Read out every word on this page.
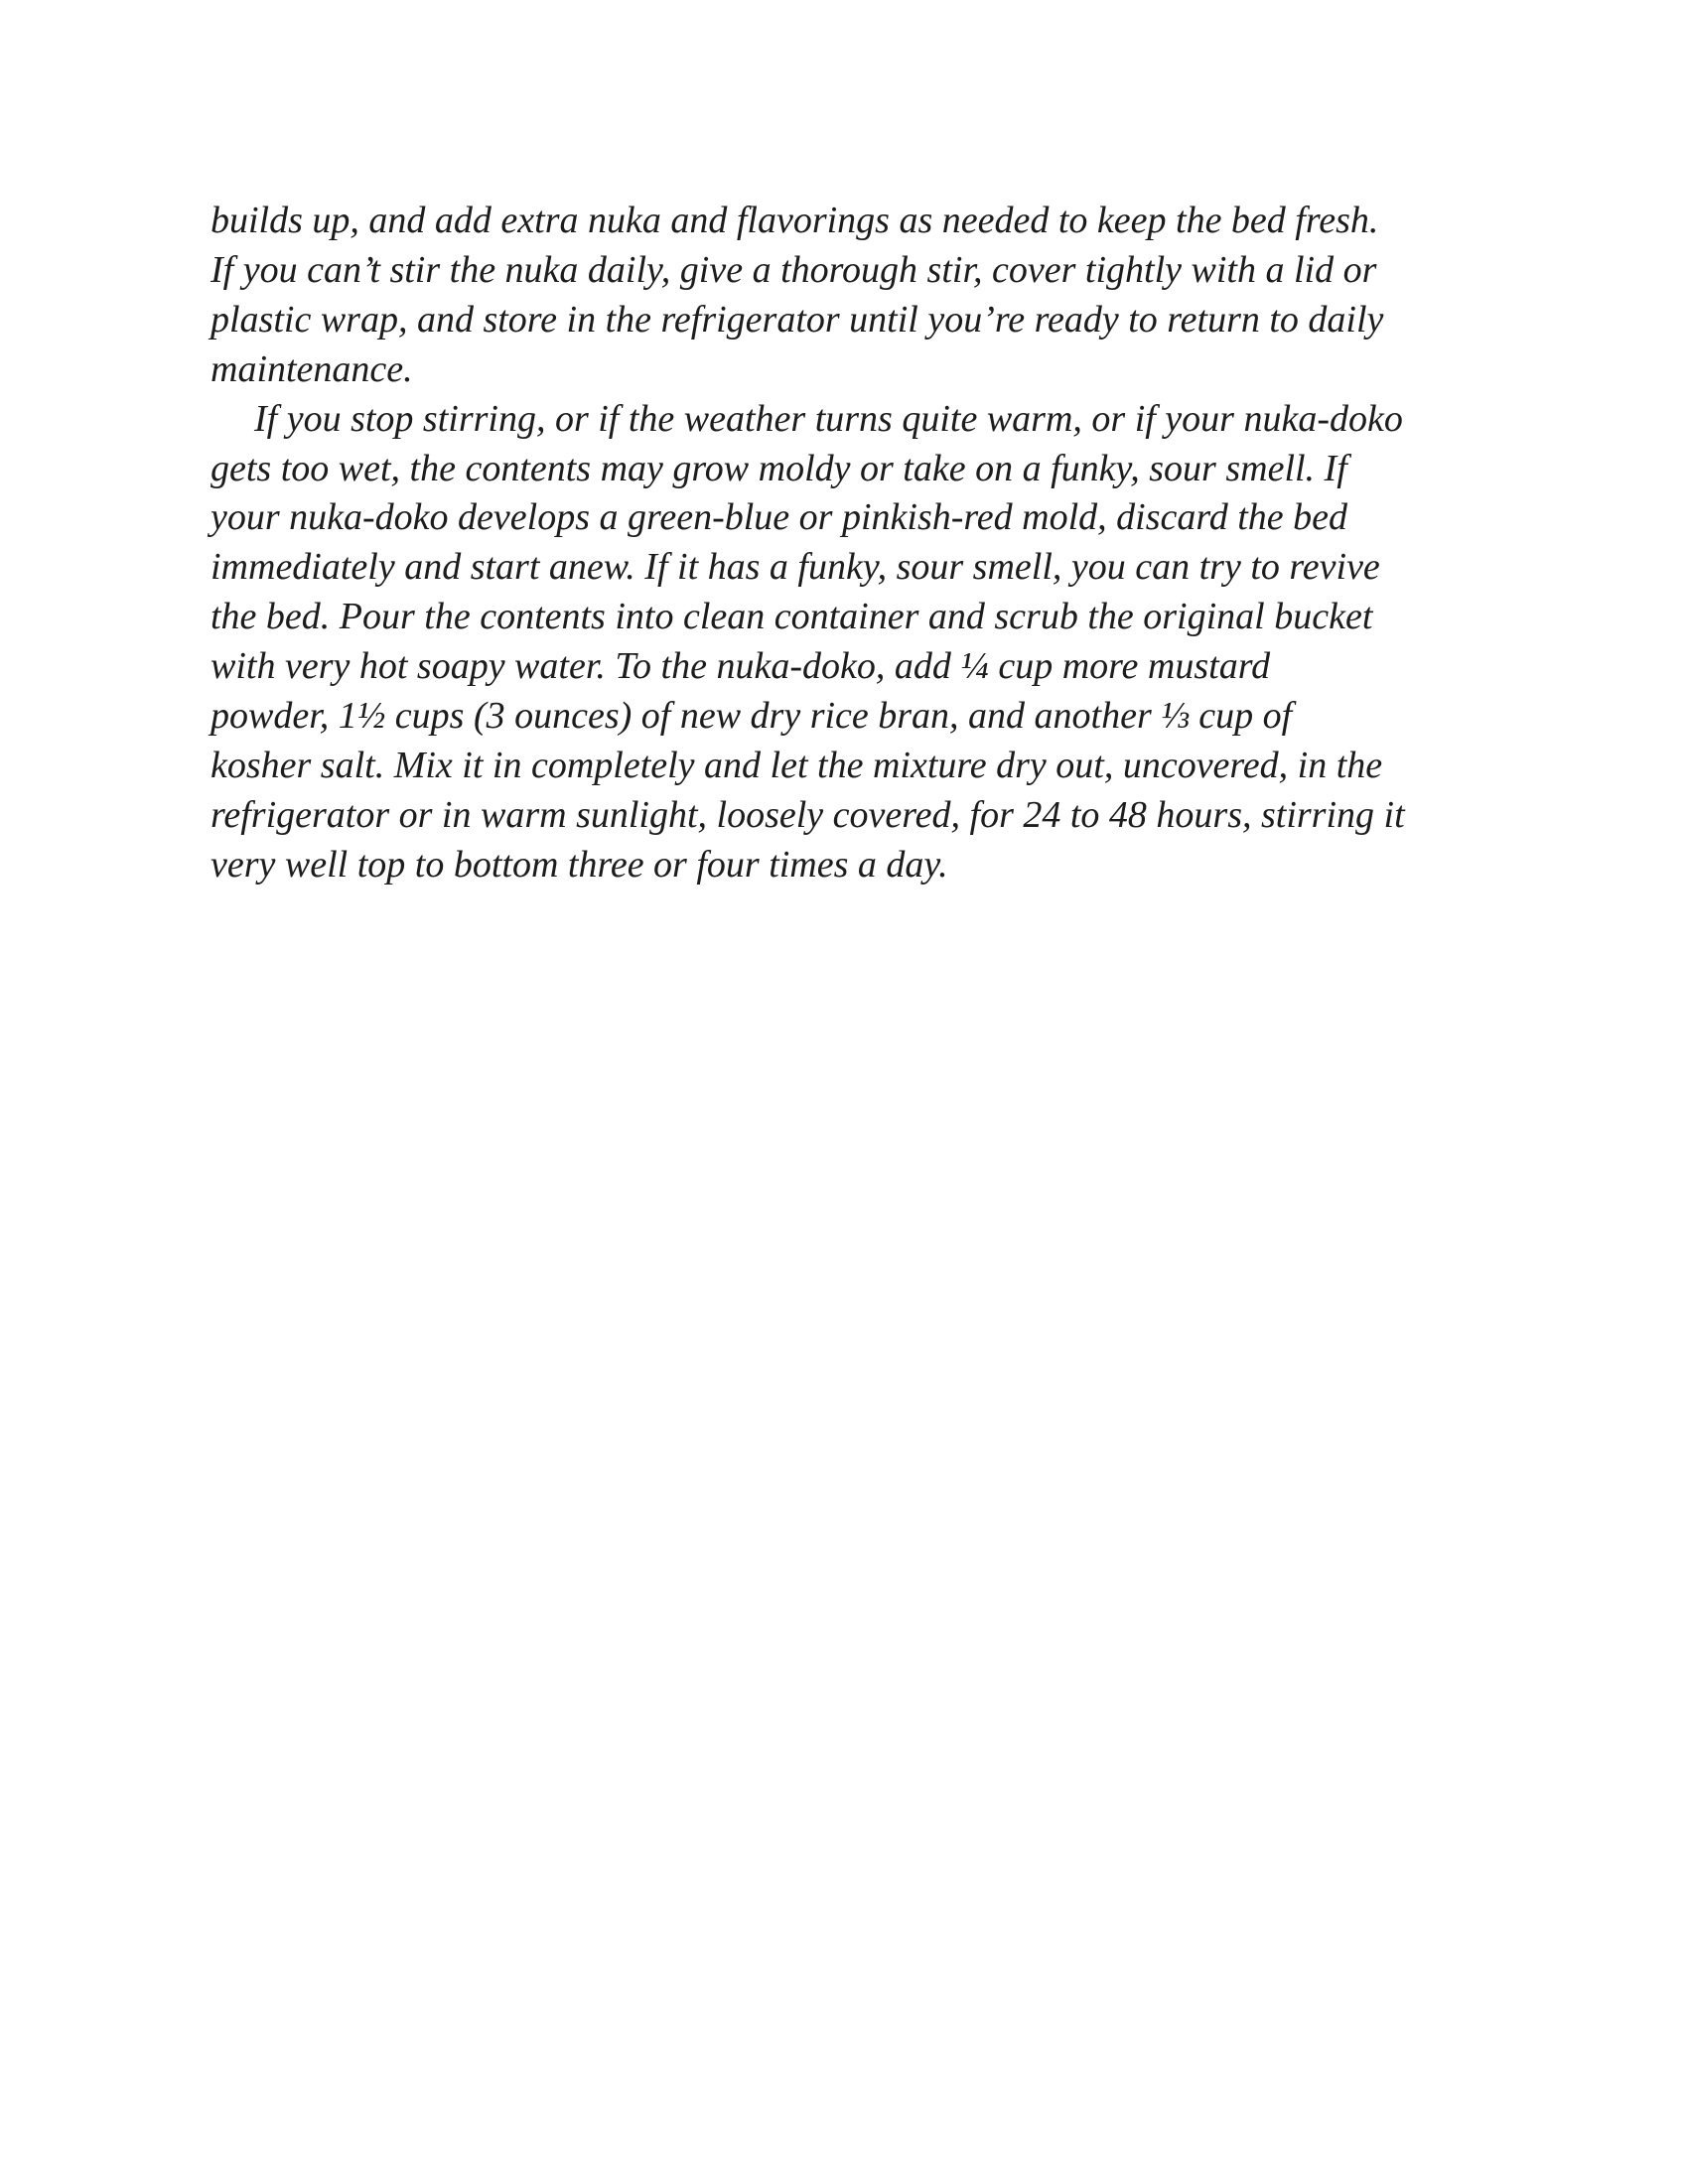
builds up, and add extra nuka and flavorings as needed to keep the bed fresh.
If you can’t stir the nuka daily, give a thorough stir, cover tightly with a lid or
plastic wrap, and store in the refrigerator until you’re ready to return to daily
maintenance.
If you stop stirring, or if the weather turns quite warm, or if your nuka-doko
gets too wet, the contents may grow moldy or take on a funky, sour smell. If
your nuka-doko develops a green-blue or pinkish-red mold, discard the bed
immediately and start anew. If it has a funky, sour smell, you can try to revive
the bed. Pour the contents into clean container and scrub the original bucket
with very hot soapy water. To the nuka-doko, add ¼ cup more mustard
powder, 1½ cups (3 ounces) of new dry rice bran, and another ⅓ cup of
kosher salt. Mix it in completely and let the mixture dry out, uncovered, in the
refrigerator or in warm sunlight, loosely covered, for 24 to 48 hours, stirring it
very well top to bottom three or four times a day.
